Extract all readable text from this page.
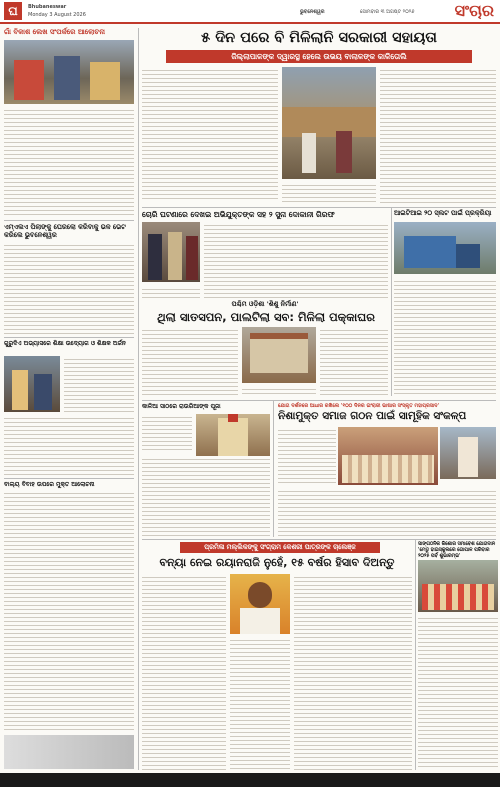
ଘ	Bhubaneswar
Monday 3 August 2026	ଭୁବନେଶ୍ୱର	ସୋମବାର ୩ ଅଗଷ୍ଟ ୨୦୨୬	ସଂଚାର
ଗାଁ ବିକାଶ ଲେଖ ସଂପର୍କରେ ଆଲୋଚନା
ଏମ୍ଏଲଏ ପିଲାଙ୍କୁ ଘେରଲୋ କରିବାକୁ ଭଳ ଭେଟ କରିଲେ ଭୁବନେଶ୍ୱର
ଗୁରୁଦିଏ ଅଭ୍ୟାସରେ ଶିକ୍ଷା ଉଦ୍ୟୋଗ ଓ ଶିକ୍ଷକ ଅର୍ଜନ
ବାଲ୍ୟ ବିବାହ ଉପରେ ମୁକ୍ତ ଆଲୋଚନା
୫ ଦିନ ପରେ ବି ମିଳିଲାନି ସରକାରୀ ସହାୟତା
ଜିଲ୍ଲାପାଳଙ୍କ ଦ୍ୱାରସ୍ଥ ହେଲେ ଉଭୟ ବାଲାଳଙ୍କ କାଳିତୋଲି
ଚୋରି ଘଟଣାରେ ଦେଖଇ ଅଭିଯୁକ୍ତଙ୍କ ସହ ୨ ସୁନା ଦୋକାନୀ ଗିରଫ	ଆଇଟିଆଇ ୨୦ ସ୍ଲଟ ପାଇଁ ପ୍ରକ୍ରିୟା
ପଶ୍ଚିମ ଓଡ଼ିଶା 'ଶିଶୁ ନିର୍ମାଣ'
ଥିଲା ସାତସପନ, ପାଲଟିଲା ସବ: ମିଳିଲା ପକ୍କାଘର
କାଳିଆ ସାଠରେ ରାଉରିଆଙ୍କ ପୂଜା	ଯୋଗ ଦର୍ଶନରେ ଆଧାର ରଖିଲେ '୧୦୦ ଦିନର ଇଂରାଜୀ ଭାଷାର ସଂସ୍କୃତ ମହାପ୍ରସାଦ'
ନିଶାମୁକ୍ତ ସମାଜ ଗଠନ ପାଇଁ ସାମୂହିକ ସଂକଳ୍ପ
ପ୍ରମିଳା ମଲ୍ଲିକଙ୍କୁ ସଂଗ୍ରାମ କେଶରୀ ପାତ୍ରଙ୍କ ଚାଲେଞ୍ଜ
ବନ୍ୟା ନେଇ ରୟାନରାଜି ନୁହେଁ, ୧୫ ବର୍ଷର ହିସାବ ଦିଅନ୍ତୁ
ସାଙ୍ଗଠନିକ କିଶୋର ସମାବେଶ ଯୋଗଦାନ 'ମେଡୁ ହାଇସ୍କୁଲରେ ଗୋପାଳ ପରିବାର ୨୦୨୫ ପର୍ବ ଶୁଭାରମ୍ଭ'
